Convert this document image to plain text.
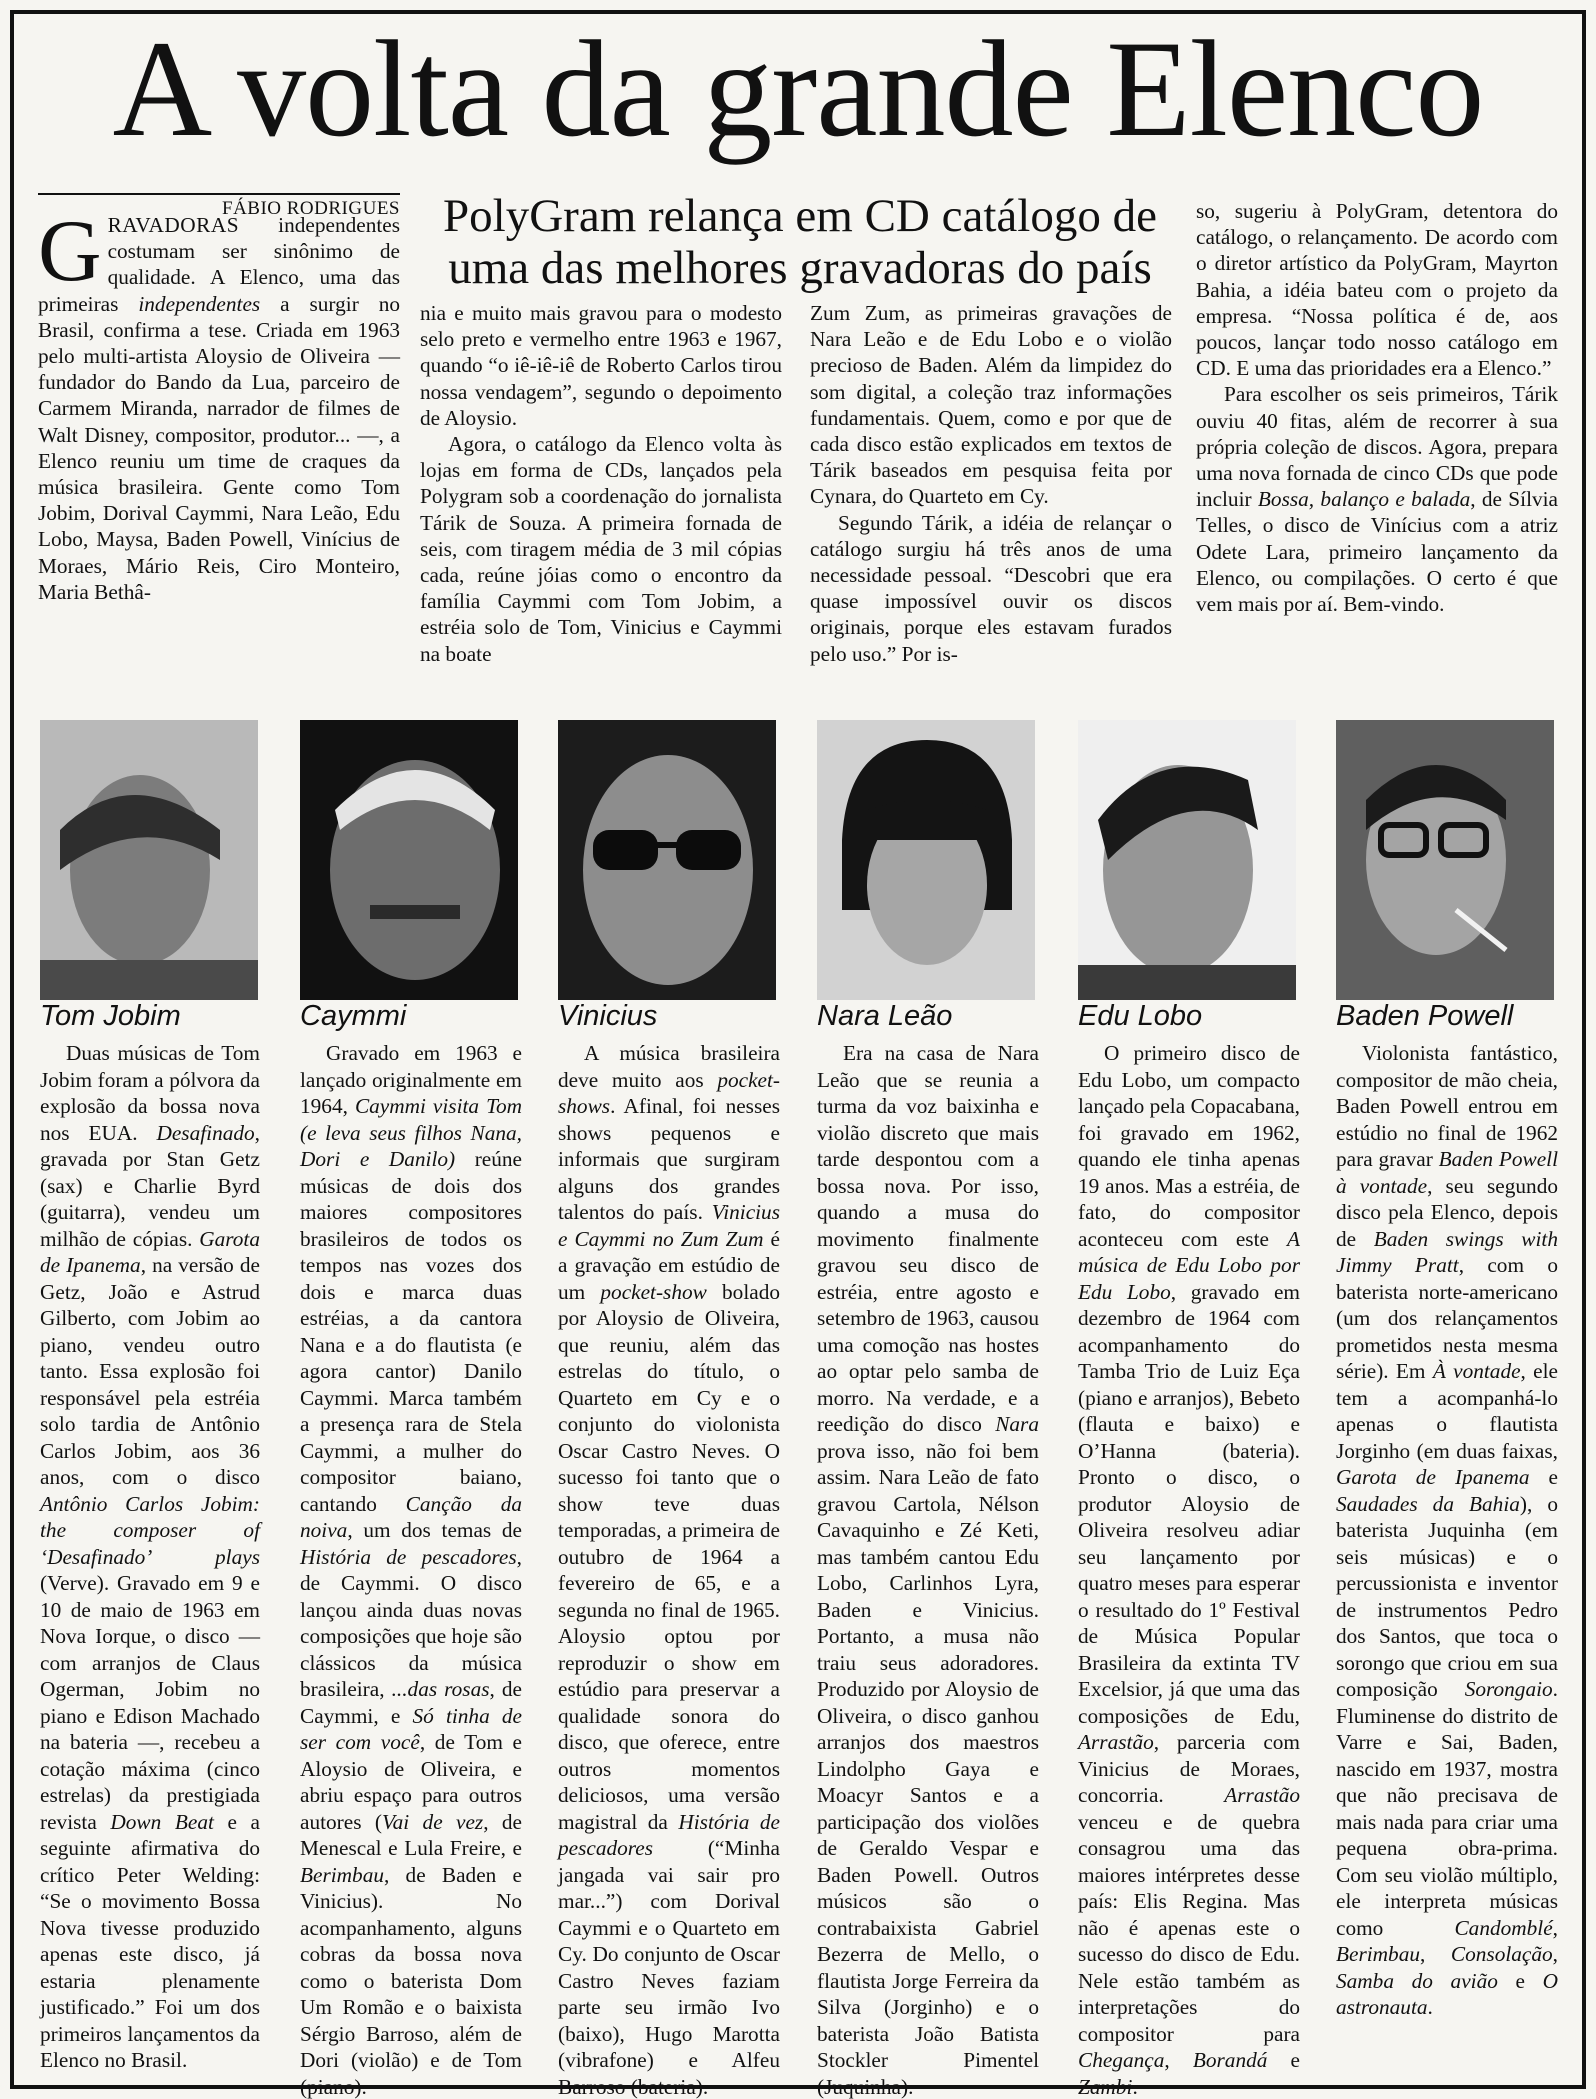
A volta da grande Elenco
FÁBIO RODRIGUES PolyGram relança em CD catálogo de
uma das melhores gravadoras do país

GRAVADORAS independentes costumam ser sinônimo de qualidade. A Elenco, uma das primeiras independentes a surgir no Brasil, confirma a tese. Criada em 1963 pelo multi-artista Aloysio de Oliveira — fundador do Bando da Lua, parceiro de Carmem Miranda, narrador de filmes de Walt Disney, compositor, produtor... —, a Elenco reuniu um time de craques da música brasileira. Gente como Tom Jobim, Dorival Caymmi, Nara Leão, Edu Lobo, Maysa, Baden Powell, Vinícius de Moraes, Mário Reis, Ciro Monteiro, Maria Bethâ-

nia e muito mais gravou para o modesto selo preto e vermelho entre 1963 e 1967, quando “o iê-iê-iê de Roberto Carlos tirou nossa vendagem”, segundo o depoimento de Aloysio.

Agora, o catálogo da Elenco volta às lojas em forma de CDs, lançados pela Polygram sob a coordenação do jornalista Tárik de Souza. A primeira fornada de seis, com tiragem média de 3 mil cópias cada, reúne jóias como o encontro da família Caymmi com Tom Jobim, a estréia solo de Tom, Vinicius e Caymmi na boate

Zum Zum, as primeiras gravações de Nara Leão e de Edu Lobo e o violão precioso de Baden. Além da limpidez do som digital, a coleção traz informações fundamentais. Quem, como e por que de cada disco estão explicados em textos de Tárik baseados em pesquisa feita por Cynara, do Quarteto em Cy.

Segundo Tárik, a idéia de relançar o catálogo surgiu há três anos de uma necessidade pessoal. “Descobri que era quase impossível ouvir os discos originais, porque eles estavam furados pelo uso.” Por is-

so, sugeriu à PolyGram, detentora do catálogo, o relançamento. De acordo com o diretor artístico da PolyGram, Mayrton Bahia, a idéia bateu com o projeto da empresa. “Nossa política é de, aos poucos, lançar todo nosso catálogo em CD. E uma das prioridades era a Elenco.”

Para escolher os seis primeiros, Tárik ouviu 40 fitas, além de recorrer à sua própria coleção de discos. Agora, prepara uma nova fornada de cinco CDs que pode incluir Bossa, balanço e balada, de Sílvia Telles, o disco de Vinícius com a atriz Odete Lara, primeiro lançamento da Elenco, ou compilações. O certo é que vem mais por aí. Bem-vindo.

Tom Jobim	Caymmi	Vinicius	Nara Leão	Edu Lobo	Baden Powell

Duas músicas de Tom Jobim foram a pólvora da explosão da bossa nova nos EUA. Desafinado, gravada por Stan Getz (sax) e Charlie Byrd (guitarra), vendeu um milhão de cópias. Garota de Ipanema, na versão de Getz, João e Astrud Gilberto, com Jobim ao piano, vendeu outro tanto. Essa explosão foi responsável pela estréia solo tardia de Antônio Carlos Jobim, aos 36 anos, com o disco Antônio Carlos Jobim: the composer of ‘Desafinado’ plays (Verve). Gravado em 9 e 10 de maio de 1963 em Nova Iorque, o disco — com arranjos de Claus Ogerman, Jobim no piano e Edison Machado na bateria —, recebeu a cotação máxima (cinco estrelas) da prestigiada revista Down Beat e a seguinte afirmativa do crítico Peter Welding: “Se o movimento Bossa Nova tivesse produzido apenas este disco, já estaria plenamente justificado.” Foi um dos primeiros lançamentos da Elenco no Brasil.

Gravado em 1963 e lançado originalmente em 1964, Caymmi visita Tom (e leva seus filhos Nana, Dori e Danilo) reúne músicas de dois dos maiores compositores brasileiros de todos os tempos nas vozes dos dois e marca duas estréias, a da cantora Nana e a do flautista (e agora cantor) Danilo Caymmi. Marca também a presença rara de Stela Caymmi, a mulher do compositor baiano, cantando Canção da noiva, um dos temas de História de pescadores, de Caymmi. O disco lançou ainda duas novas composições que hoje são clássicos da música brasileira, ...das rosas, de Caymmi, e Só tinha de ser com você, de Tom e Aloysio de Oliveira, e abriu espaço para outros autores (Vai de vez, de Menescal e Lula Freire, e Berimbau, de Baden e Vinicius). No acompanhamento, alguns cobras da bossa nova como o baterista Dom Um Romão e o baixista Sérgio Barroso, além de Dori (violão) e de Tom (piano).

A música brasileira deve muito aos pocket-shows. Afinal, foi nesses shows pequenos e informais que surgiram alguns dos grandes talentos do país. Vinicius e Caymmi no Zum Zum é a gravação em estúdio de um pocket-show bolado por Aloysio de Oliveira, que reuniu, além das estrelas do título, o Quarteto em Cy e o conjunto do violonista Oscar Castro Neves. O sucesso foi tanto que o show teve duas temporadas, a primeira de outubro de 1964 a fevereiro de 65, e a segunda no final de 1965. Aloysio optou por reproduzir o show em estúdio para preservar a qualidade sonora do disco, que oferece, entre outros momentos deliciosos, uma versão magistral da História de pescadores (“Minha jangada vai sair pro mar...”) com Dorival Caymmi e o Quarteto em Cy. Do conjunto de Oscar Castro Neves faziam parte seu irmão Ivo (baixo), Hugo Marotta (vibrafone) e Alfeu Barroso (bateria).

Era na casa de Nara Leão que se reunia a turma da voz baixinha e violão discreto que mais tarde despontou com a bossa nova. Por isso, quando a musa do movimento finalmente gravou seu disco de estréia, entre agosto e setembro de 1963, causou uma comoção nas hostes ao optar pelo samba de morro. Na verdade, e a reedição do disco Nara prova isso, não foi bem assim. Nara Leão de fato gravou Cartola, Nélson Cavaquinho e Zé Keti, mas também cantou Edu Lobo, Carlinhos Lyra, Baden e Vinicius. Portanto, a musa não traiu seus adoradores. Produzido por Aloysio de Oliveira, o disco ganhou arranjos dos maestros Lindolpho Gaya e Moacyr Santos e a participação dos violões de Geraldo Vespar e Baden Powell. Outros músicos são o contrabaixista Gabriel Bezerra de Mello, o flautista Jorge Ferreira da Silva (Jorginho) e o baterista João Batista Stockler Pimentel (Juquinha).

O primeiro disco de Edu Lobo, um compacto lançado pela Copacabana, foi gravado em 1962, quando ele tinha apenas 19 anos. Mas a estréia, de fato, do compositor aconteceu com este A música de Edu Lobo por Edu Lobo, gravado em dezembro de 1964 com acompanhamento do Tamba Trio de Luiz Eça (piano e arranjos), Bebeto (flauta e baixo) e O’Hanna (bateria). Pronto o disco, o produtor Aloysio de Oliveira resolveu adiar seu lançamento por quatro meses para esperar o resultado do 1º Festival de Música Popular Brasileira da extinta TV Excelsior, já que uma das composições de Edu, Arrastão, parceria com Vinicius de Moraes, concorria. Arrastão venceu e de quebra consagrou uma das maiores intérpretes desse país: Elis Regina. Mas não é apenas este o sucesso do disco de Edu. Nele estão também as interpretações do compositor para Chegança, Borandá e Zambi.

Violonista fantástico, compositor de mão cheia, Baden Powell entrou em estúdio no final de 1962 para gravar Baden Powell à vontade, seu segundo disco pela Elenco, depois de Baden swings with Jimmy Pratt, com o baterista norte-americano (um dos relançamentos prometidos nesta mesma série). Em À vontade, ele tem a acompanhá-lo apenas o flautista Jorginho (em duas faixas, Garota de Ipanema e Saudades da Bahia), o baterista Juquinha (em seis músicas) e o percussionista e inventor de instrumentos Pedro dos Santos, que toca o sorongo que criou em sua composição Sorongaio. Fluminense do distrito de Varre e Sai, Baden, nascido em 1937, mostra que não precisava de mais nada para criar uma pequena obra-prima. Com seu violão múltiplo, ele interpreta músicas como Candomblé, Berimbau, Consolação, Samba do avião e O astronauta.
